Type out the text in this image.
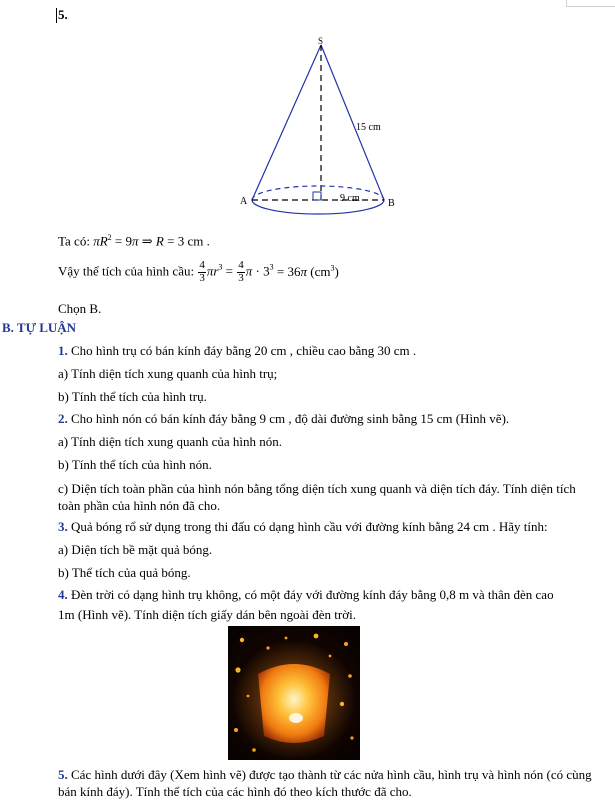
5.
S
A	B
15 cm
9 cm
Ta có: $\pi R^2 = 9\pi$ ⇒ R = 3 cm .
Vậy thể tích của hình cầu: $\frac{4}{3} \pi r^3 = \frac{4}{3}$ $\pi \cdot 3^3 = 36\pi$ $(cm^3)$
Chọn B.
B. TỰ LUẬN
1. Cho hình trụ có bán kính đáy bằng 20 cm , chiều cao bằng 30 cm .
a) Tính diện tích xung quanh của hình trụ;
b) Tính thể tích của hình trụ.
2. Cho hình nón có bán kính đáy bằng 9 cm , độ dài đường sinh bằng 15 cm (Hình vẽ).
a) Tính diện tích xung quanh của hình nón.
b) Tính thể tích của hình nón.
c) Diện tích toàn phần của hình nón bằng tổng diện tích xung quanh và diện tích đáy. Tính diện tích toàn phần của hình nón đã cho.
3. Quả bóng rổ sử dụng trong thi đấu có dạng hình cầu với đường kính bằng 24 cm . Hãy tính:
a) Diện tích bề mặt quả bóng.
b) Thể tích của quả bóng.
4. Đèn trời có dạng hình trụ không, có một đáy với đường kính đáy bằng 0,8 m và thân đèn cao
1m (Hình vẽ). Tính diện tích giấy dán bên ngoài đèn trời.
5. Các hình dưới đây (Xem hình vẽ) được tạo thành từ các nửa hình cầu, hình trụ và hình nón (có cùng bán kính đáy). Tính thể tích của các hình đó theo kích thước đã cho.
